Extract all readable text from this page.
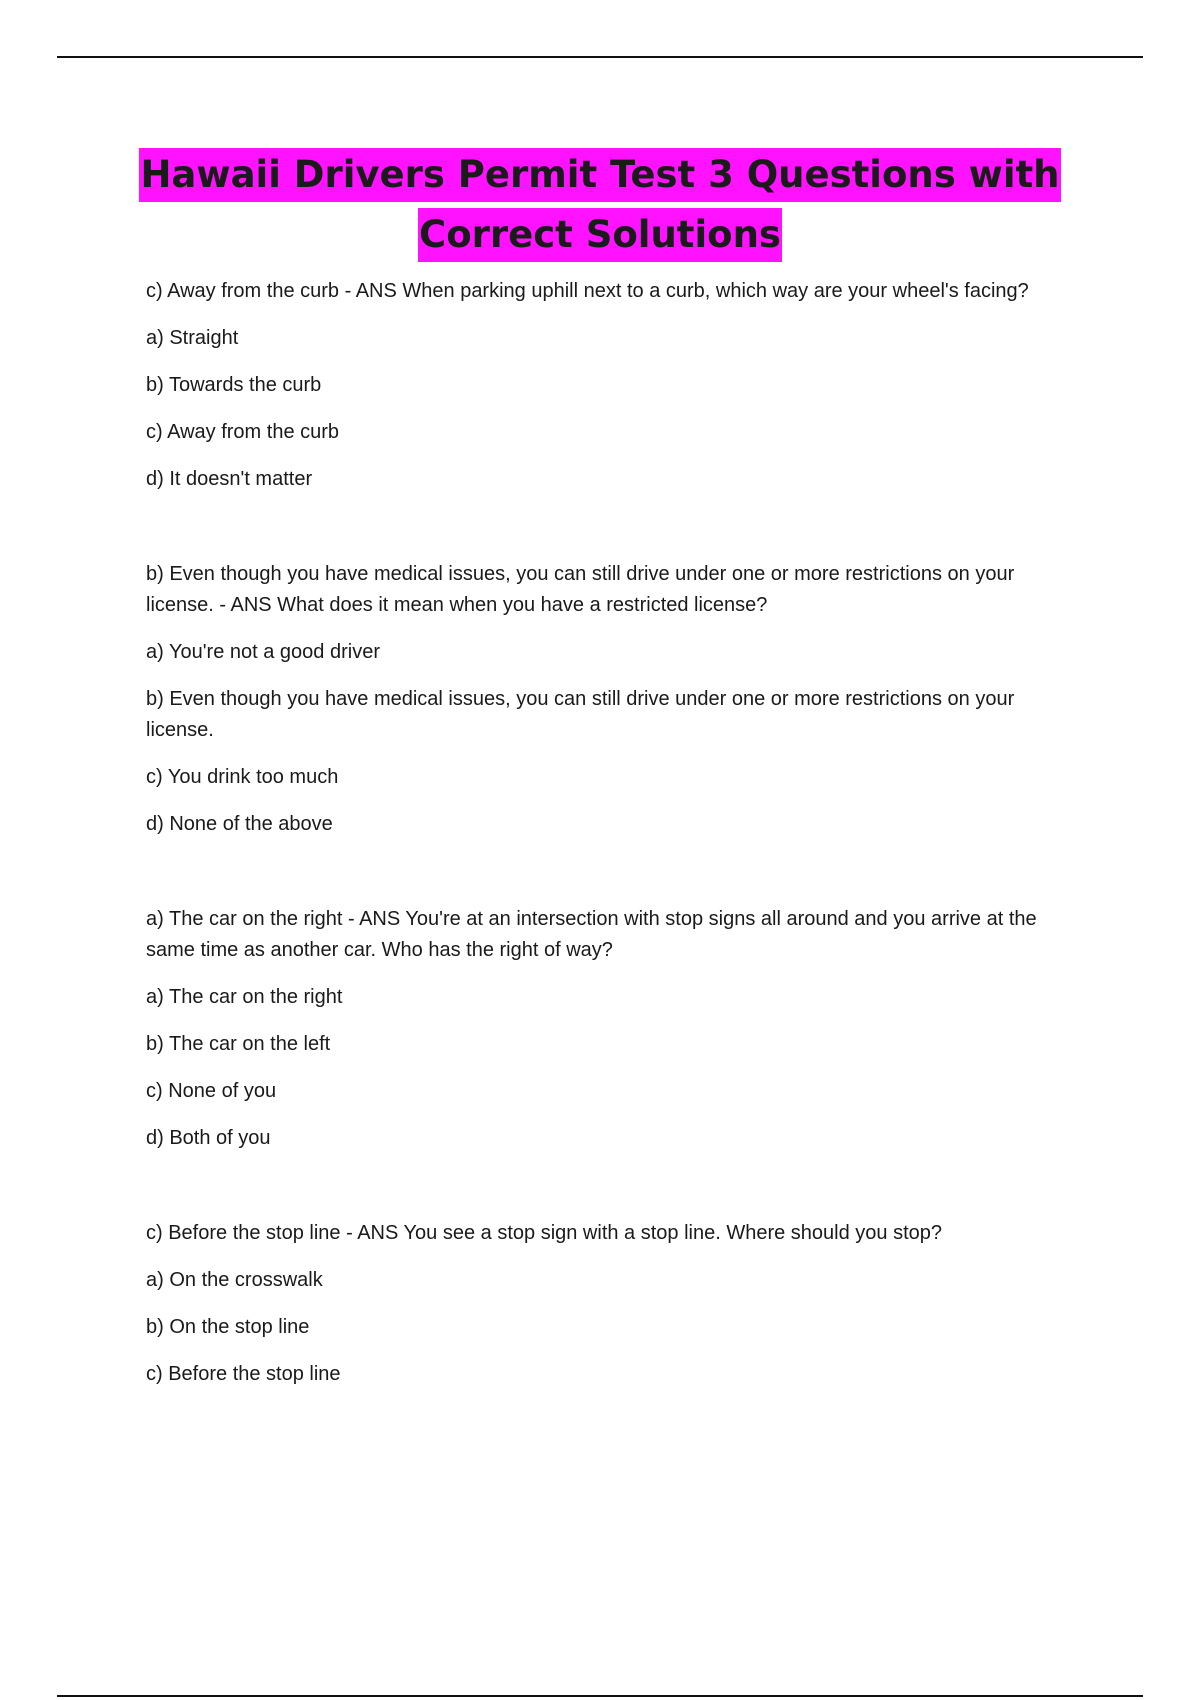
Hawaii Drivers Permit Test 3 Questions with
Correct Solutions
c) Away from the curb - ANS When parking uphill next to a curb, which way are your wheel's facing?
a) Straight
b) Towards the curb
c) Away from the curb
d) It doesn't matter
b) Even though you have medical issues, you can still drive under one or more restrictions on your license. - ANS What does it mean when you have a restricted license?
a) You're not a good driver
b) Even though you have medical issues, you can still drive under one or more restrictions on your license.
c) You drink too much
d) None of the above
a) The car on the right - ANS You're at an intersection with stop signs all around and you arrive at the same time as another car. Who has the right of way?
a) The car on the right
b) The car on the left
c) None of you
d) Both of you
c) Before the stop line - ANS You see a stop sign with a stop line. Where should you stop?
a) On the crosswalk
b) On the stop line
c) Before the stop line
